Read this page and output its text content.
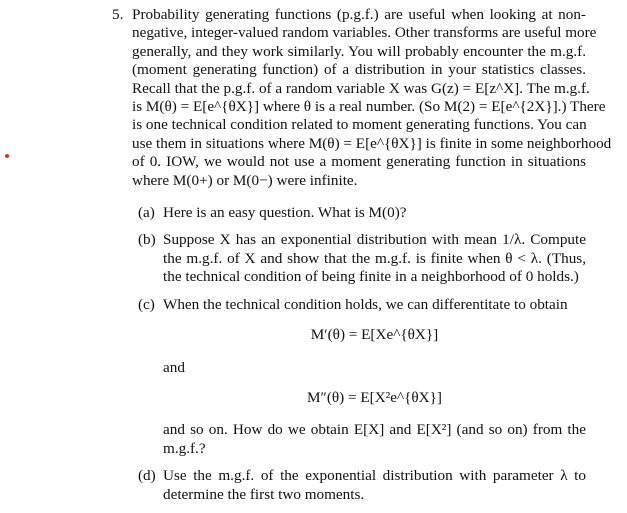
5. Probability generating functions (p.g.f.) are useful when looking at non-
negative, integer-valued random variables. Other transforms are useful more
generally, and they work similarly. You will probably encounter the m.g.f.
(moment generating function) of a distribution in your statistics classes.
Recall that the p.g.f. of a random variable X was G(z) = E[z^X]. The m.g.f.
is M(θ) = E[e^{θX}] where θ is a real number. (So M(2) = E[e^{2X}].) There
is one technical condition related to moment generating functions. You can
use them in situations where M(θ) = E[e^{θX}] is finite in some neighborhood
of 0. IOW, we would not use a moment generating function in situations
where M(0+) or M(0−) were infinite.
(a) Here is an easy question. What is M(0)?
(b) Suppose X has an exponential distribution with mean 1/λ. Compute
the m.g.f. of X and show that the m.g.f. is finite when θ < λ. (Thus,
the technical condition of being finite in a neighborhood of 0 holds.)
(c) When the technical condition holds, we can differentitate to obtain
M′(θ) = E[Xe^{θX}]
and
M″(θ) = E[X²e^{θX}]
and so on. How do we obtain E[X] and E[X²] (and so on) from the
m.g.f.?
(d) Use the m.g.f. of the exponential distribution with parameter λ to
determine the first two moments.
